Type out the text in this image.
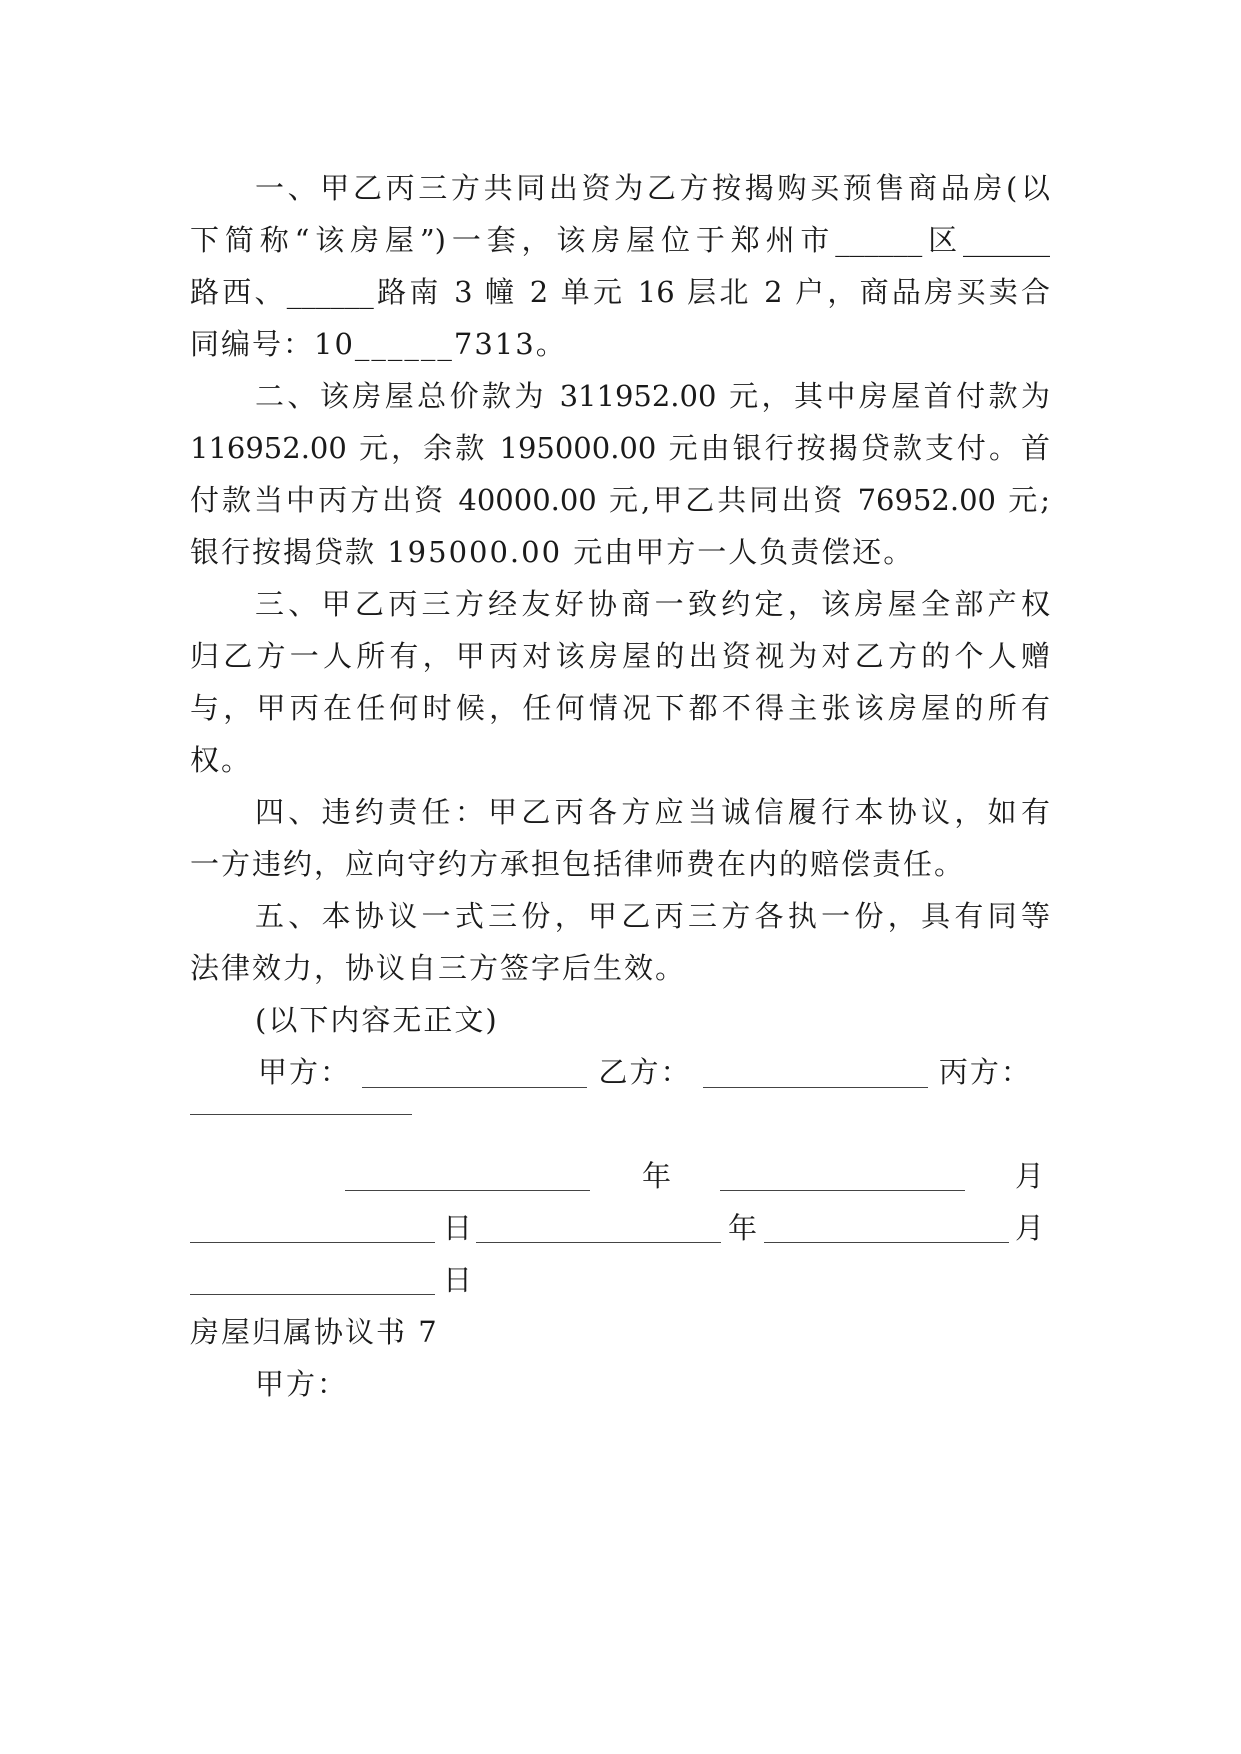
一、甲乙丙三方共同出资为乙方按揭购买预售商品房(以
下简称“该房屋”)一套，该房屋位于郑州市______区______
路西、______路南 3 幢 2 单元 16 层北 2 户，商品房买卖合
同编号：10______7313。
二、该房屋总价款为 311952.00 元，其中房屋首付款为
116952.00 元，余款 195000.00 元由银行按揭贷款支付。首
付款当中丙方出资 40000.00 元,甲乙共同出资 76952.00 元;
银行按揭贷款 195000.00 元由甲方一人负责偿还。
三、甲乙丙三方经友好协商一致约定，该房屋全部产权
归乙方一人所有，甲丙对该房屋的出资视为对乙方的个人赠
与，甲丙在任何时候，任何情况下都不得主张该房屋的所有
权。
四、违约责任：甲乙丙各方应当诚信履行本协议，如有
一方违约，应向守约方承担包括律师费在内的赔偿责任。
五、本协议一式三份，甲乙丙三方各执一份，具有同等
法律效力，协议自三方签字后生效。
(以下内容无正文)
甲方：	乙方：	丙方：
年	月
日	年	月
日
房屋归属协议书 7
甲方：
